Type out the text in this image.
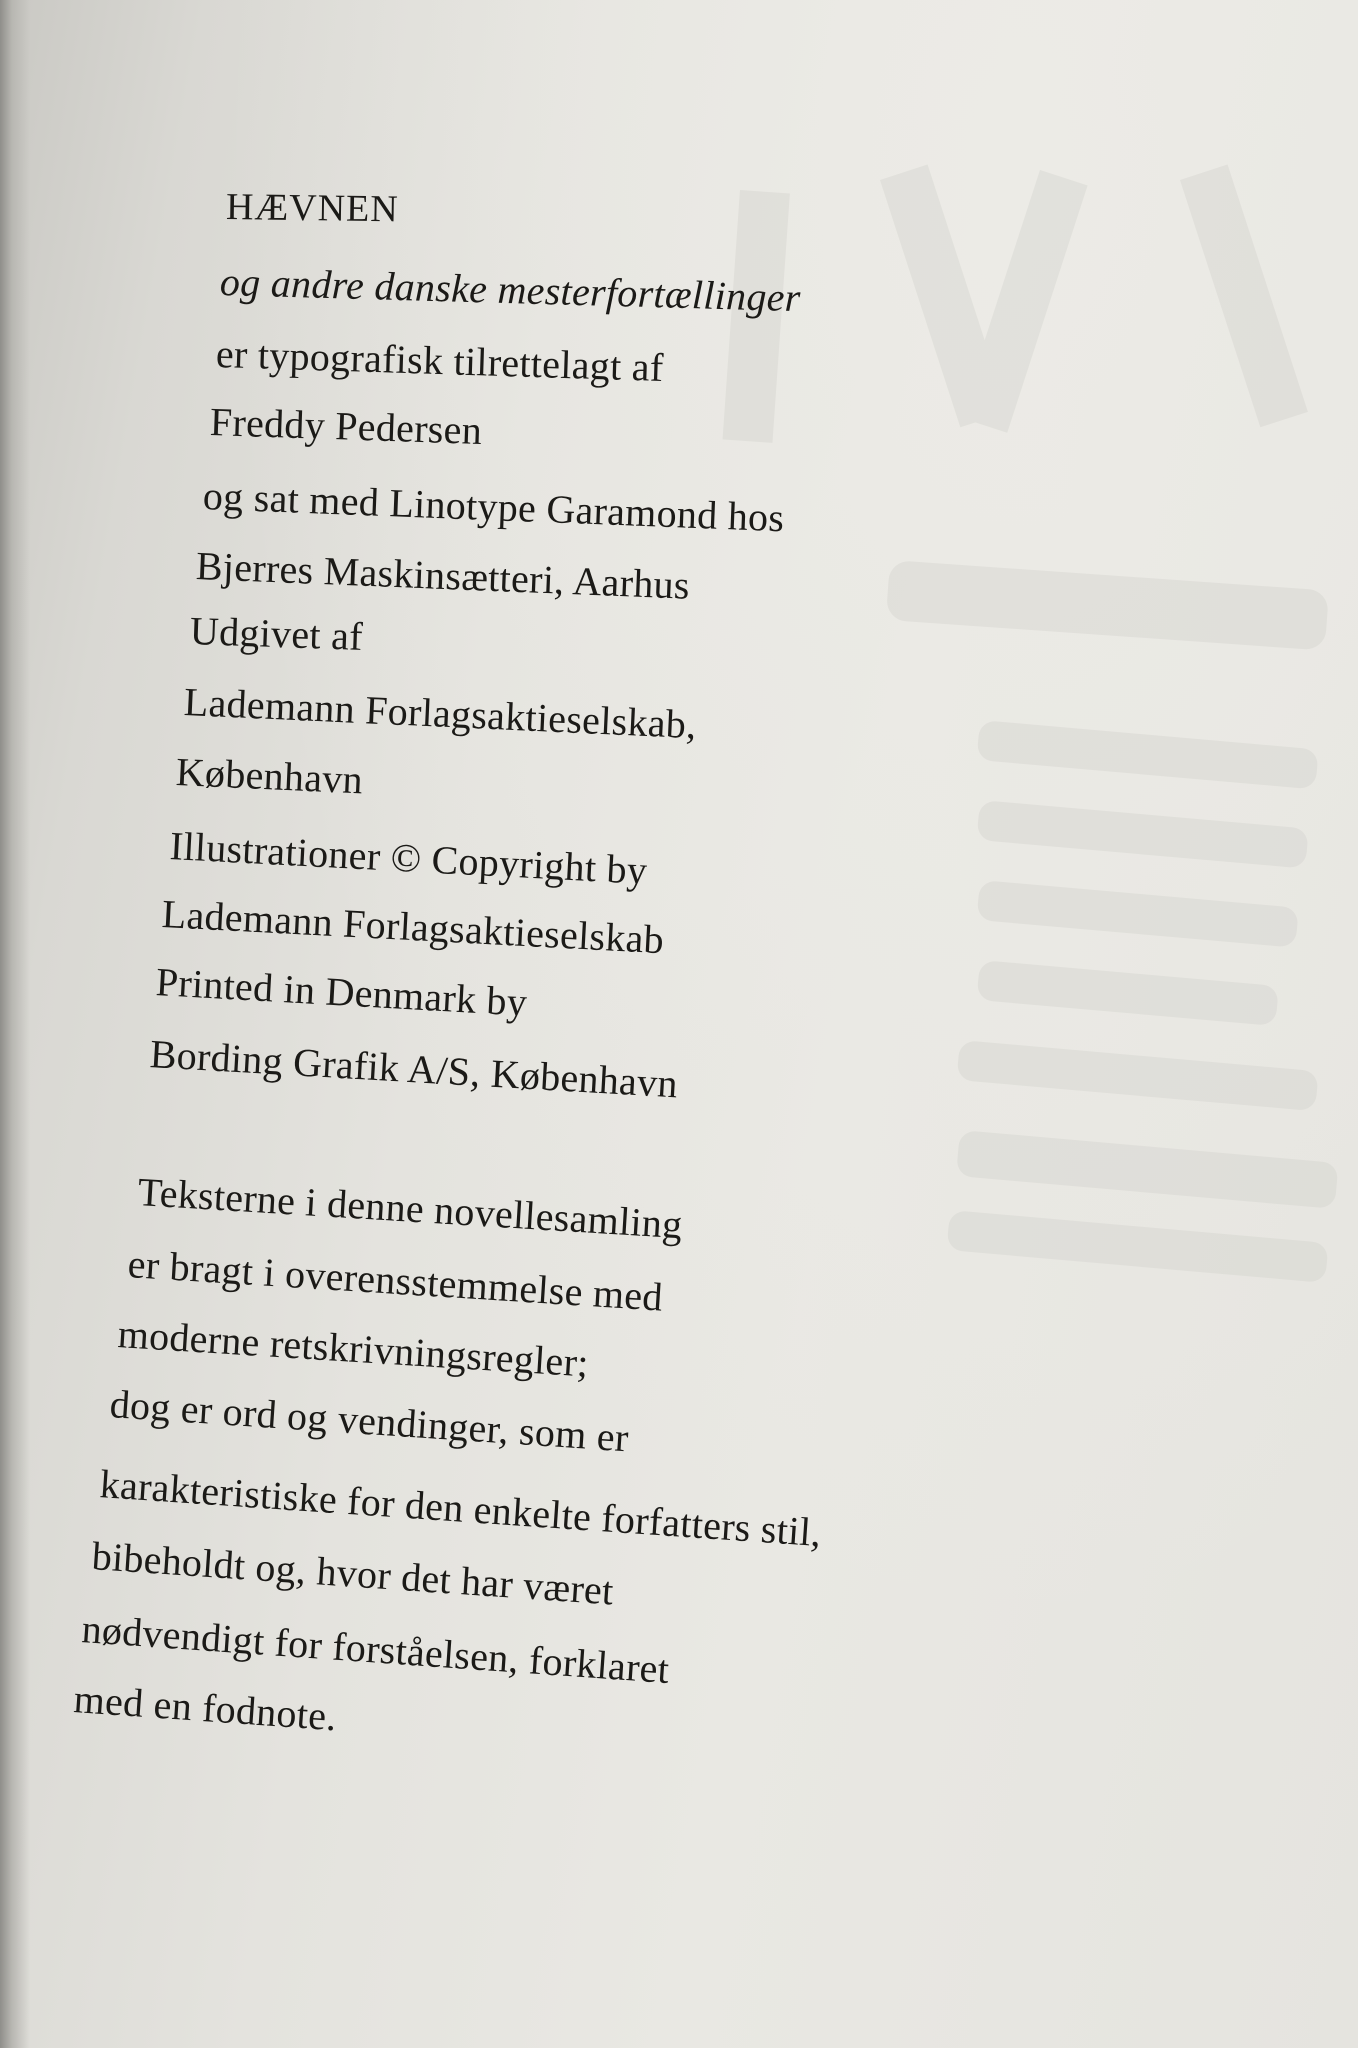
HÆVNEN
og andre danske mesterfortællinger
er typografisk tilrettelagt af
Freddy Pedersen
og sat med Linotype Garamond hos
Bjerres Maskinsætteri, Aarhus
Udgivet af
Lademann Forlagsaktieselskab,
København
Illustrationer © Copyright by
Lademann Forlagsaktieselskab
Printed in Denmark by
Bording Grafik A/S, København
Teksterne i denne novellesamling
er bragt i overensstemmelse med
moderne retskrivningsregler;
dog er ord og vendinger, som er
karakteristiske for den enkelte forfatters stil,
bibeholdt og, hvor det har været
nødvendigt for forståelsen, forklaret
med en fodnote.
